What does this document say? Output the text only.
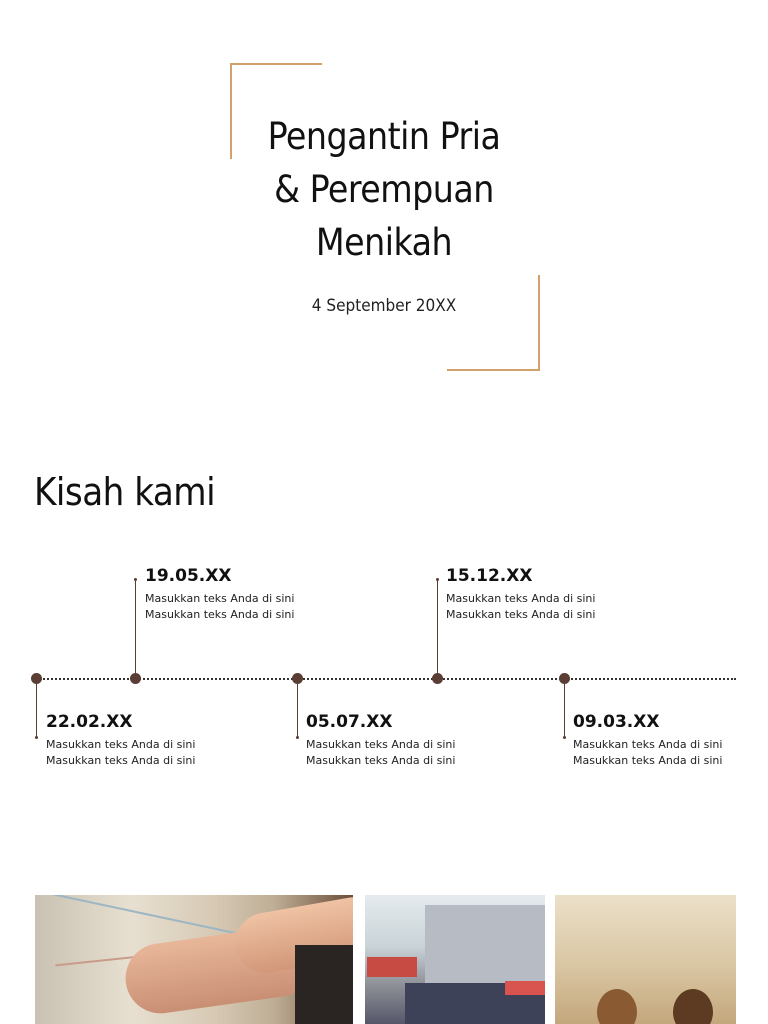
Pengantin Pria
& Perempuan
Menikah
4 September 20XX
Kisah kami
22.02.XX
Masukkan teks Anda di sini
Masukkan teks Anda di sini
19.05.XX
Masukkan teks Anda di sini
Masukkan teks Anda di sini
05.07.XX
Masukkan teks Anda di sini
Masukkan teks Anda di sini
15.12.XX
Masukkan teks Anda di sini
Masukkan teks Anda di sini
09.03.XX
Masukkan teks Anda di sini
Masukkan teks Anda di sini
